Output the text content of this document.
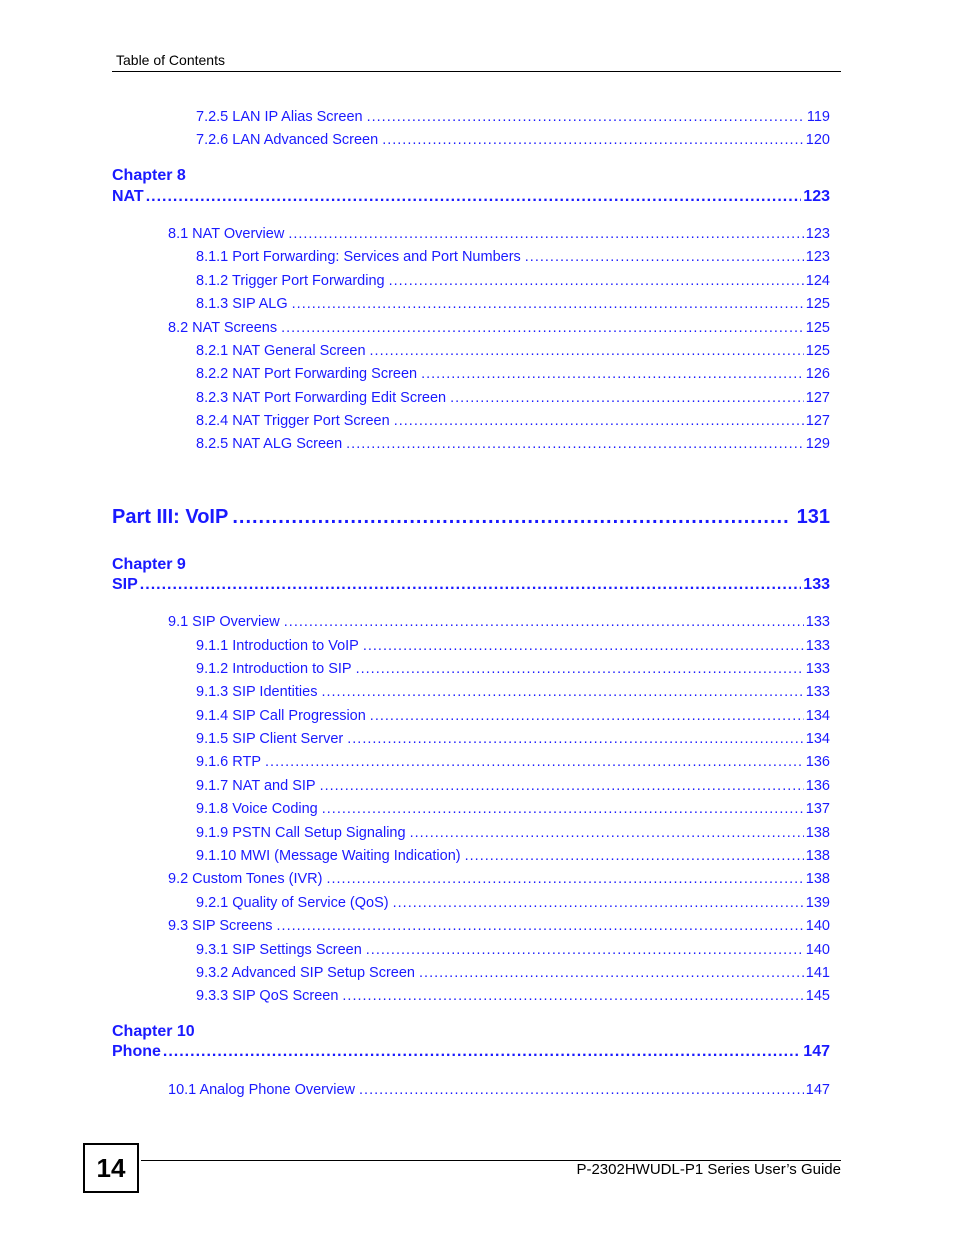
Table of Contents
7.2.5 LAN IP Alias Screen .....	119
7.2.6 LAN Advanced Screen .....	120
Chapter 8
NAT .....	123
8.1 NAT Overview .....	123
8.1.1 Port Forwarding: Services and Port Numbers .....	123
8.1.2 Trigger Port Forwarding .....	124
8.1.3 SIP ALG .....	125
8.2 NAT Screens .....	125
8.2.1 NAT General Screen .....	125
8.2.2 NAT Port Forwarding Screen .....	126
8.2.3 NAT Port Forwarding Edit Screen .....	127
8.2.4 NAT Trigger Port Screen .....	127
8.2.5 NAT ALG Screen .....	129
Part III: VoIP .....	131
Chapter 9
SIP .....	133
9.1 SIP Overview .....	133
9.1.1 Introduction to VoIP .....	133
9.1.2 Introduction to SIP .....	133
9.1.3 SIP Identities .....	133
9.1.4 SIP Call Progression .....	134
9.1.5 SIP Client Server .....	134
9.1.6 RTP .....	136
9.1.7 NAT and SIP .....	136
9.1.8 Voice Coding .....	137
9.1.9 PSTN Call Setup Signaling .....	138
9.1.10 MWI (Message Waiting Indication) .....	138
9.2 Custom Tones (IVR) .....	138
9.2.1 Quality of Service (QoS) .....	139
9.3 SIP Screens .....	140
9.3.1 SIP Settings Screen .....	140
9.3.2 Advanced SIP Setup Screen .....	141
9.3.3 SIP QoS Screen .....	145
Chapter 10
Phone .....	147
10.1 Analog Phone Overview .....	147
14	P-2302HWUDL-P1 Series User’s Guide
